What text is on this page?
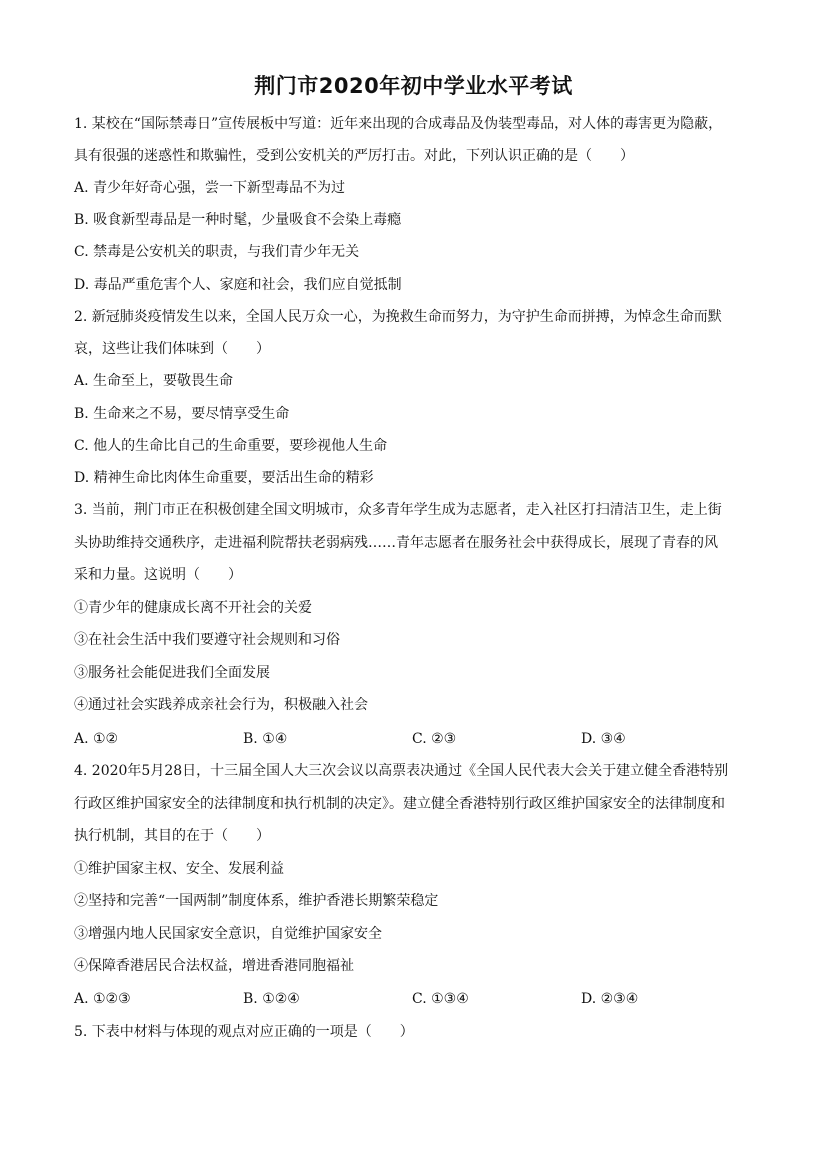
荆门市2020年初中学业水平考试
1. 某校在“国际禁毒日”宣传展板中写道：近年来出现的合成毒品及伪装型毒品，对人体的毒害更为隐蔽，
具有很强的迷惑性和欺骗性，受到公安机关的严厉打击。对此，下列认识正确的是（　　）
A. 青少年好奇心强，尝一下新型毒品不为过
B. 吸食新型毒品是一种时髦，少量吸食不会染上毒瘾
C. 禁毒是公安机关的职责，与我们青少年无关
D. 毒品严重危害个人、家庭和社会，我们应自觉抵制
2. 新冠肺炎疫情发生以来，全国人民万众一心，为挽救生命而努力，为守护生命而拼搏，为悼念生命而默
哀，这些让我们体味到（　　）
A. 生命至上，要敬畏生命
B. 生命来之不易，要尽情享受生命
C. 他人的生命比自己的生命重要，要珍视他人生命
D. 精神生命比肉体生命重要，要活出生命的精彩
3. 当前，荆门市正在积极创建全国文明城市，众多青年学生成为志愿者，走入社区打扫清洁卫生，走上街
头协助维持交通秩序，走进福利院帮扶老弱病残……青年志愿者在服务社会中获得成长，展现了青春的风
采和力量。这说明（　　）
①青少年的健康成长离不开社会的关爱
③在社会生活中我们要遵守社会规则和习俗
③服务社会能促进我们全面发展
④通过社会实践养成亲社会行为，积极融入社会
A. ①②	B. ①④	C. ②③	D. ③④
4. 2020年5月28日，十三届全国人大三次会议以高票表决通过《全国人民代表大会关于建立健全香港特别
行政区维护国家安全的法律制度和执行机制的决定》。建立健全香港特别行政区维护国家安全的法律制度和
执行机制，其目的在于（　　）
①维护国家主权、安全、发展利益
②坚持和完善“一国两制”制度体系，维护香港长期繁荣稳定
③增强内地人民国家安全意识，自觉维护国家安全
④保障香港居民合法权益，增进香港同胞福祉
A. ①②③	B. ①②④	C. ①③④	D. ②③④
5. 下表中材料与体现的观点对应正确的一项是（　　）
